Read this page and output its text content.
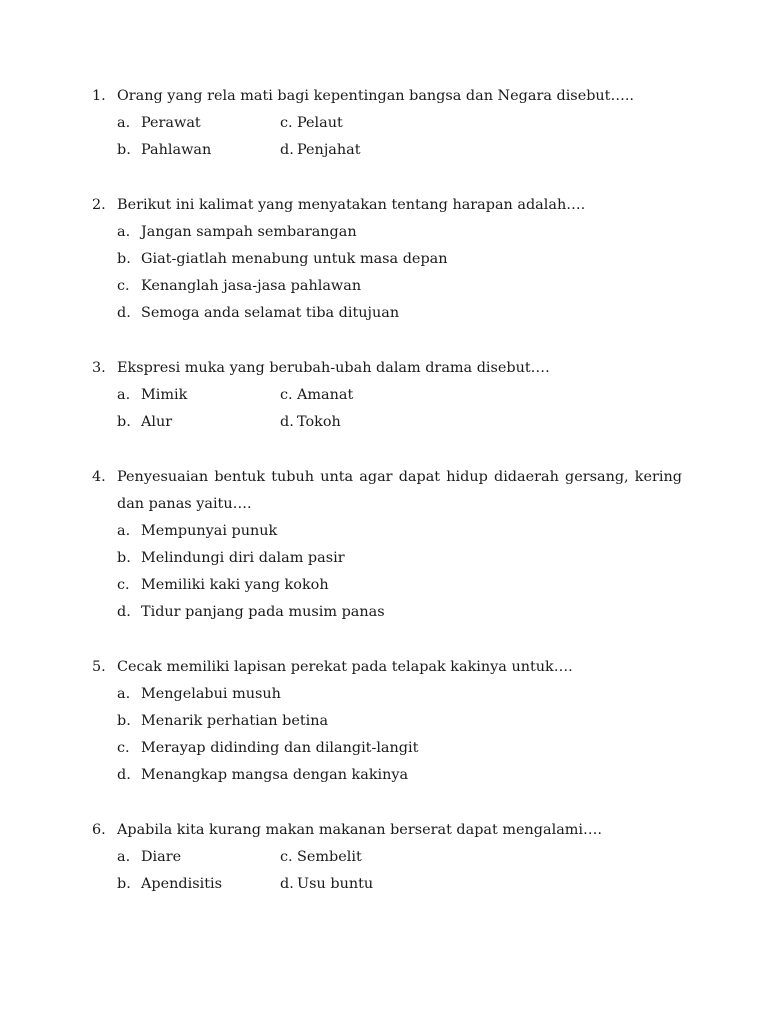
1. Orang yang rela mati bagi kepentingan bangsa dan Negara disebut…..
a. Perawat	c. Pelaut
b. Pahlawan	d. Penjahat
2. Berikut ini kalimat yang menyatakan tentang harapan adalah….
a. Jangan sampah sembarangan
b. Giat-giatlah menabung untuk masa depan
c. Kenanglah jasa-jasa pahlawan
d. Semoga anda selamat tiba ditujuan
3. Ekspresi muka yang berubah-ubah dalam drama disebut….
a. Mimik	c. Amanat
b. Alur	d. Tokoh
4. Penyesuaian bentuk tubuh unta agar dapat hidup didaerah gersang, kering dan panas yaitu….
a. Mempunyai punuk
b. Melindungi diri dalam pasir
c. Memiliki kaki yang kokoh
d. Tidur panjang pada musim panas
5. Cecak memiliki lapisan perekat pada telapak kakinya untuk….
a. Mengelabui musuh
b. Menarik perhatian betina
c. Merayap didinding dan dilangit-langit
d. Menangkap mangsa dengan kakinya
6. Apabila kita kurang makan makanan berserat dapat mengalami….
a. Diare	c. Sembelit
b. Apendisitis	d. Usu buntu
